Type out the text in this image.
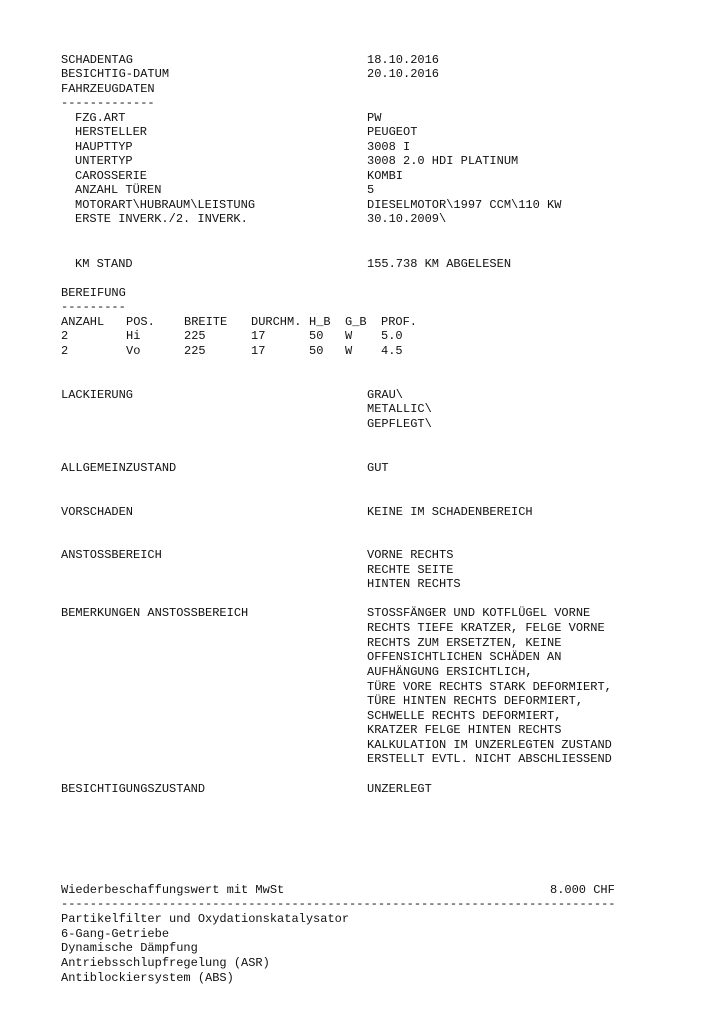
SCHADENTAG	18.10.2016
BESICHTIG-DATUM	20.10.2016
FAHRZEUGDATEN
-------------
FZG.ART	PW
HERSTELLER	PEUGEOT
HAUPTTYP	3008 I
UNTERTYP	3008 2.0 HDI PLATINUM
CAROSSERIE	KOMBI
ANZAHL TÜREN	5
MOTORART\HUBRAUM\LEISTUNG	DIESELMOTOR\1997 CCM\110 KW
ERSTE INVERK./2. INVERK.	30.10.2009\
KM STAND	155.738 KM ABGELESEN
BEREIFUNG
---------
ANZAHL POS. BREITE DURCHM. H_B G_B PROF.
2	Hi	225	17	50 W 5.0
2	Vo	225	17	50 W 4.5
LACKIERUNG	GRAU\
METALLIC\
GEPFLEGT\
ALLGEMEINZUSTAND	GUT
VORSCHADEN	KEINE IM SCHADENBEREICH
ANSTOSSBEREICH	VORNE RECHTS
RECHTE SEITE
HINTEN RECHTS
BEMERKUNGEN ANSTOSSBEREICH	STOSSFÄNGER UND KOTFLÜGEL VORNE
RECHTS TIEFE KRATZER, FELGE VORNE
RECHTS ZUM ERSETZTEN, KEINE
OFFENSICHTLICHEN SCHÄDEN AN
AUFHÄNGUNG ERSICHTLICH,
TÜRE VORE RECHTS STARK DEFORMIERT,
TÜRE HINTEN RECHTS DEFORMIERT,
SCHWELLE RECHTS DEFORMIERT,
KRATZER FELGE HINTEN RECHTS
KALKULATION IM UNZERLEGTEN ZUSTAND
ERSTELLT EVTL. NICHT ABSCHLIESSEND
BESICHTIGUNGSZUSTAND	UNZERLEGT
Wiederbeschaffungswert mit MwSt	8.000 CHF
-----------------------------------------------------------------------------
Partikelfilter und Oxydationskatalysator
6-Gang-Getriebe
Dynamische Dämpfung
Antriebsschlupfregelung (ASR)
Antiblockiersystem (ABS)
